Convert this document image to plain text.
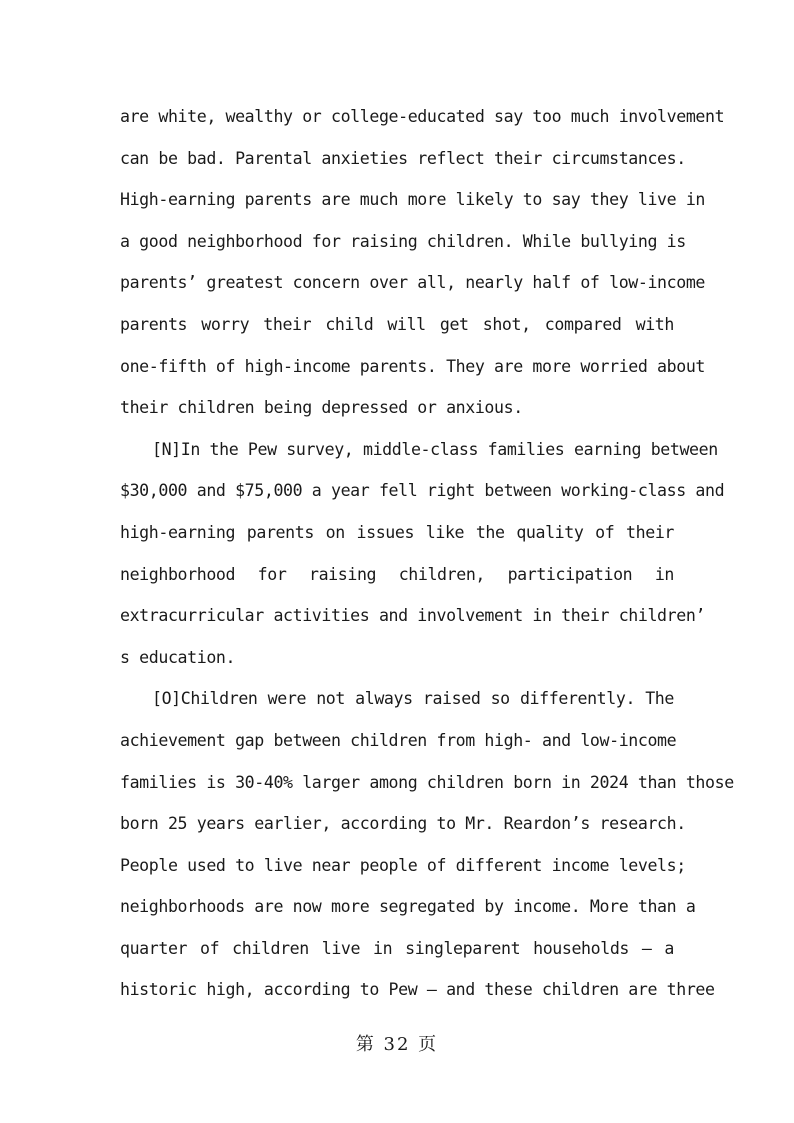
are white, wealthy or college-educated say too much involvement
can be bad. Parental anxieties reflect their circumstances.
High-earning parents are much more likely to say they live in
a good neighborhood for raising children. While bullying is
parents’ greatest concern over all, nearly half of low-income
parents worry their child will get shot, compared with
one-fifth of high-income parents. They are more worried about
their children being depressed or anxious.
[N]In the Pew survey, middle-class families earning between
$30,000 and $75,000 a year fell right between working-class and
high-earning parents on issues like the quality of their
neighborhood for raising children, participation in
extracurricular activities and involvement in their children’
s education.
[O]Children were not always raised so differently. The
achievement gap between children from high- and low-income
families is 30-40% larger among children born in 2024 than those
born 25 years earlier, according to Mr. Reardon’s research.
People used to live near people of different income levels;
neighborhoods are now more segregated by income. More than a
quarter of children live in singleparent households — a
historic high, according to Pew — and these children are three
第 32 页
